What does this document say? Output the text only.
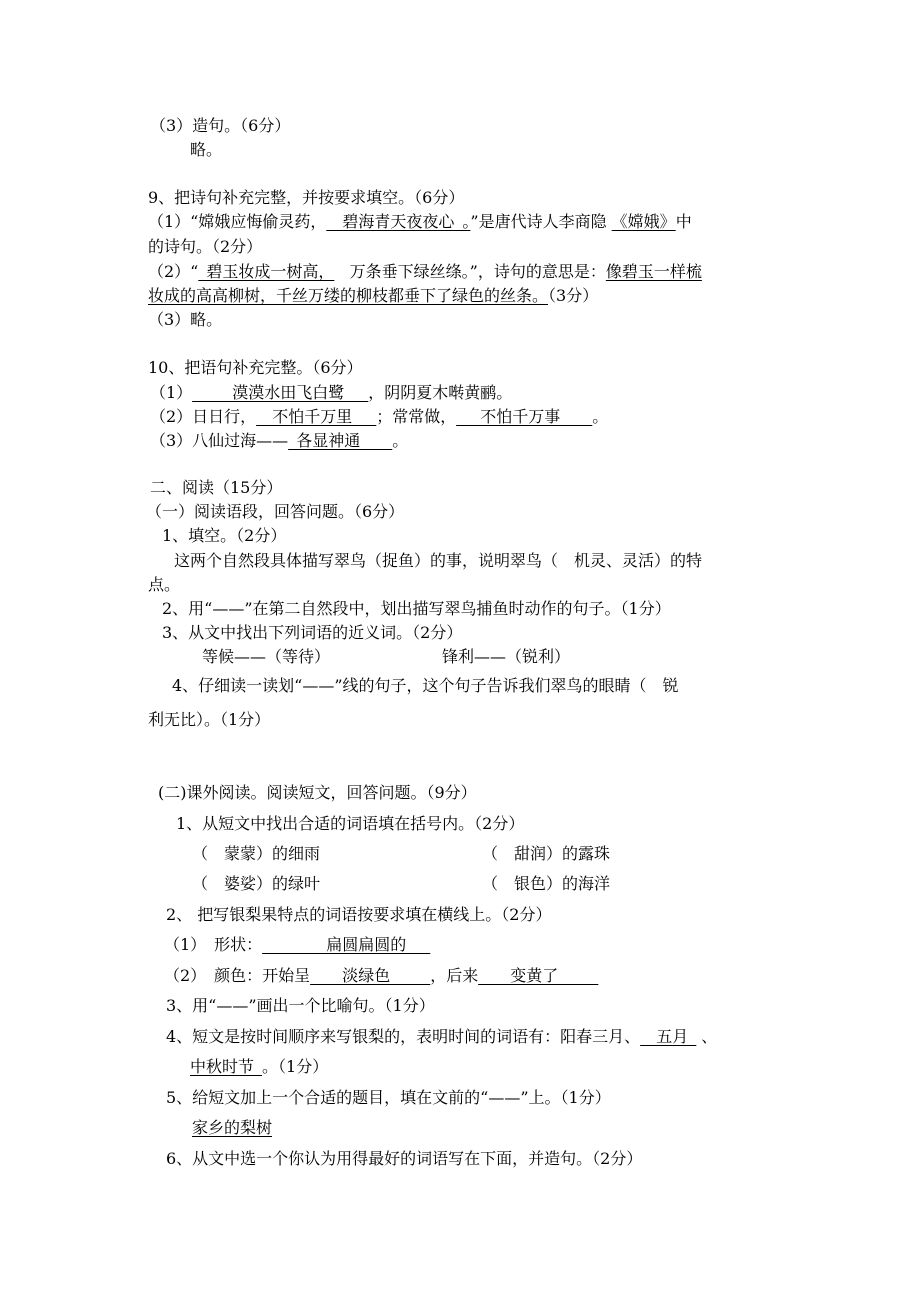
（3）造句。（6分）
略。
9、把诗句补充完整，并按要求填空。（6分）
（1）“嫦娥应悔偷灵药，__碧海青天夜夜心_。”是唐代诗人李商隐 《嫦娥》中
的诗句。（2分）
（2）“_碧玉妆成一树高， 万条垂下绿丝绦。”，诗句的意思是：像碧玉一样梳
妆成的高高柳树，千丝万缕的柳枝都垂下了绿色的丝条。（3分）
（3）略。
10、把语句补充完整。（6分）
（1）_____漠漠水田飞白鹭___，阴阴夏木啭黄鹂。
（2）日日行，__不怕千万里___；常常做，___不怕千万事____。
（3）八仙过海——_各显神通____。
二、阅读（15分）
（一）阅读语段，回答问题。（6分）
1、填空。（2分）
这两个自然段具体描写翠鸟（捉鱼）的事，说明翠鸟（　机灵、灵活）的特
点。
2、用“——”在第二自然段中，划出描写翠鸟捕鱼时动作的句子。（1分）
3、从文中找出下列词语的近义词。（2分）
等候——（等待）	锋利——（锐利）
4、仔细读一读划“——”线的句子，这个句子告诉我们翠鸟的眼睛（　锐
利无比）。（1分）
(二)课外阅读。阅读短文，回答问题。（9分）
1、从短文中找出合适的词语填在括号内。（2分）
（　蒙蒙）的细雨	（　甜润）的露珠
（　婆娑）的绿叶	（　银色）的海洋
2、 把写银梨果特点的词语按要求填在横线上。（2分）
（1）　形状：________扁圆扁圆的___
（2）　颜色：开始呈____淡绿色_____，后来____变黄了_____
3、用“——”画出一个比喻句。（1分）
4、短文是按时间顺序来写银梨的，表明时间的词语有：阳春三月、__五月_ 、
中秋时节_。（1分）
5、给短文加上一个合适的题目，填在文前的“——”上。（1分）
家乡的梨树
6、从文中选一个你认为用得最好的词语写在下面，并造句。（2分）
